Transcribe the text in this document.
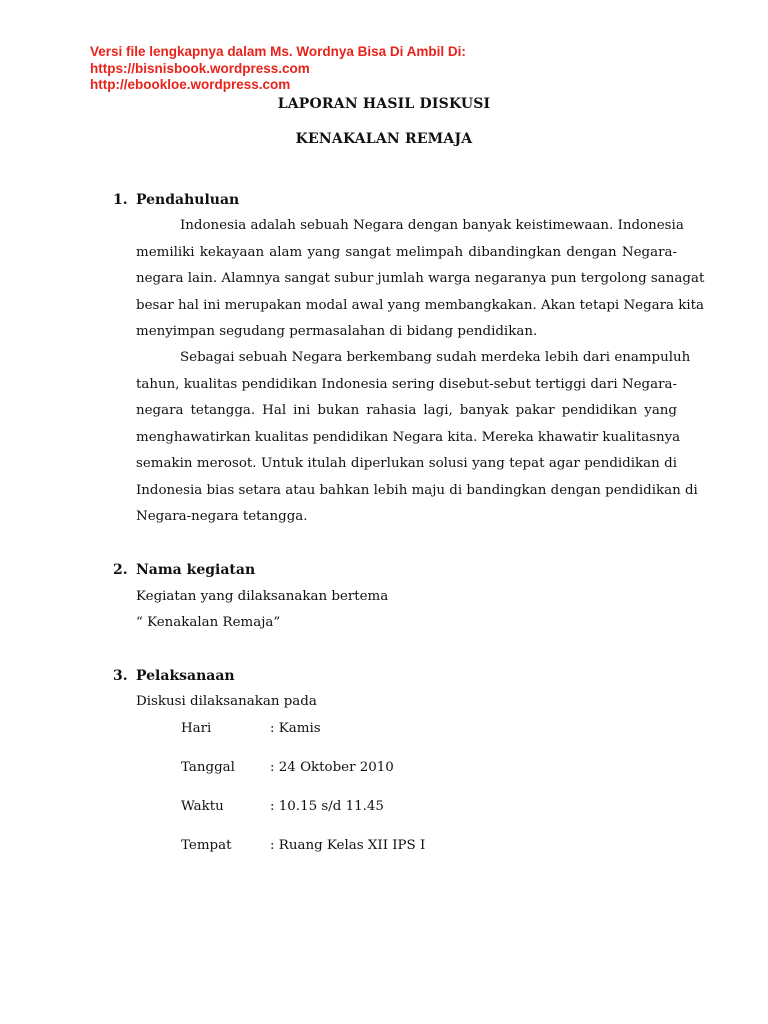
Versi file lengkapnya dalam Ms. Wordnya Bisa Di Ambil Di:
https://bisnisbook.wordpress.com
http://ebookloe.wordpress.com
LAPORAN HASIL DISKUSI
KENAKALAN REMAJA
1. Pendahuluan
Indonesia adalah sebuah Negara dengan banyak keistimewaan. Indonesia
memiliki kekayaan alam yang sangat melimpah dibandingkan dengan Negara-
negara lain. Alamnya sangat subur jumlah warga negaranya pun tergolong sanagat
besar hal ini merupakan modal awal yang membangkakan. Akan tetapi Negara kita
menyimpan segudang permasalahan di bidang pendidikan.
Sebagai sebuah Negara berkembang sudah merdeka lebih dari enampuluh
tahun, kualitas pendidikan Indonesia sering disebut-sebut tertiggi dari Negara-
negara tetangga. Hal ini bukan rahasia lagi, banyak pakar pendidikan yang
menghawatirkan kualitas pendidikan Negara kita. Mereka khawatir kualitasnya
semakin merosot. Untuk itulah diperlukan solusi yang tepat agar pendidikan di
Indonesia bias setara atau bahkan lebih maju di bandingkan dengan pendidikan di
Negara-negara tetangga.
2. Nama kegiatan
Kegiatan yang dilaksanakan bertema
“ Kenakalan Remaja”
3. Pelaksanaan
Diskusi dilaksanakan pada
Hari	: Kamis
Tanggal	: 24 Oktober 2010
Waktu	: 10.15 s/d 11.45
Tempat	: Ruang Kelas XII IPS I
